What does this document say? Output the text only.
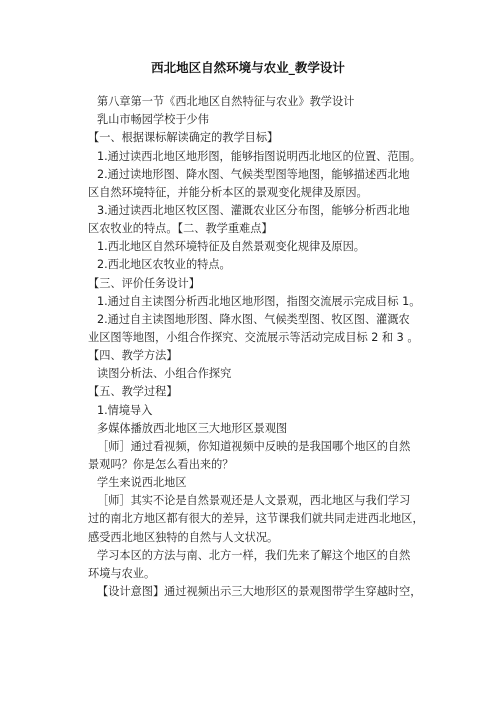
西北地区自然环境与农业_教学设计
第八章第一节《西北地区自然特征与农业》教学设计
乳山市畅园学校于少伟
【一、根据课标解读确定的教学目标】
1.通过读西北地区地形图，能够指图说明西北地区的位置、范围。
2.通过读地形图、降水图、气候类型图等地图，能够描述西北地
区自然环境特征，并能分析本区的景观变化规律及原因。
3.通过读西北地区牧区图、灌溉农业区分布图，能够分析西北地
区农牧业的特点。【二、教学重难点】
1.西北地区自然环境特征及自然景观变化规律及原因。
2.西北地区农牧业的特点。
【三、评价任务设计】
1.通过自主读图分析西北地区地形图，指图交流展示完成目标 1。
2.通过自主读图地形图、降水图、气候类型图、牧区图、灌溉农
业区图等地图，小组合作探究、交流展示等活动完成目标 2 和 3 。
【四、教学方法】
读图分析法、小组合作探究
【五、教学过程】
1.情境导入
多媒体播放西北地区三大地形区景观图
［师］通过看视频，你知道视频中反映的是我国哪个地区的自然
景观吗？你是怎么看出来的？
学生来说西北地区
［师］其实不论是自然景观还是人文景观，西北地区与我们学习
过的南北方地区都有很大的差异，这节课我们就共同走进西北地区，
感受西北地区独特的自然与人文状况。
学习本区的方法与南、北方一样，我们先来了解这个地区的自然
环境与农业。
【设计意图】通过视频出示三大地形区的景观图带学生穿越时空，
